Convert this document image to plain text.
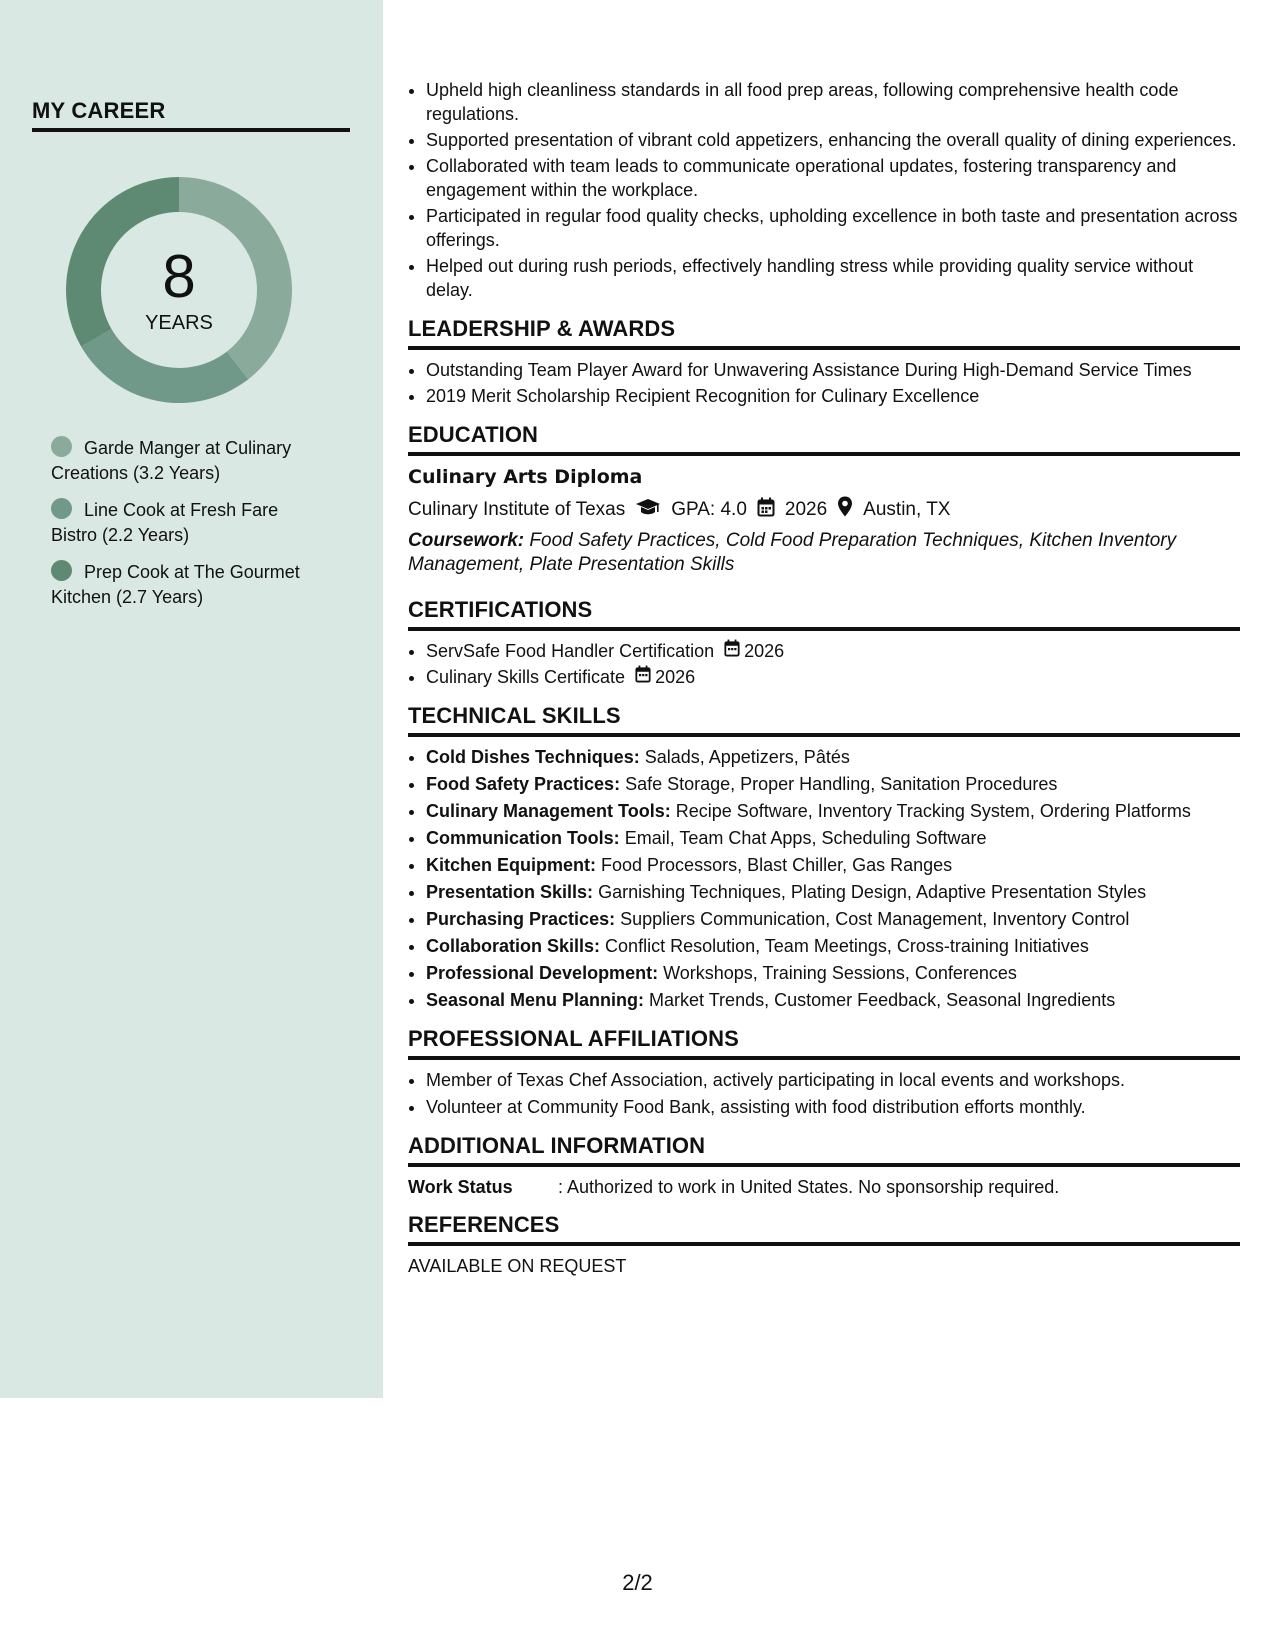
MY CAREER
8
YEARS
Garde Manger at Culinary Creations (3.2 Years)
Line Cook at Fresh Fare Bistro (2.2 Years)
Prep Cook at The Gourmet Kitchen (2.7 Years)
• Upheld high cleanliness standards in all food prep areas, following comprehensive health code regulations.
• Supported presentation of vibrant cold appetizers, enhancing the overall quality of dining experiences.
• Collaborated with team leads to communicate operational updates, fostering transparency and engagement within the workplace.
• Participated in regular food quality checks, upholding excellence in both taste and presentation across offerings.
• Helped out during rush periods, effectively handling stress while providing quality service without delay.
LEADERSHIP & AWARDS
• Outstanding Team Player Award for Unwavering Assistance During High-Demand Service Times
• 2019 Merit Scholarship Recipient Recognition for Culinary Excellence
EDUCATION
Culinary Arts Diploma
Culinary Institute of Texas GPA: 4.0 2026 Austin, TX
Coursework: Food Safety Practices, Cold Food Preparation Techniques, Kitchen Inventory Management, Plate Presentation Skills
CERTIFICATIONS
• ServSafe Food Handler Certification 2026
• Culinary Skills Certificate 2026
TECHNICAL SKILLS
• Cold Dishes Techniques: Salads, Appetizers, Pâtés
• Food Safety Practices: Safe Storage, Proper Handling, Sanitation Procedures
• Culinary Management Tools: Recipe Software, Inventory Tracking System, Ordering Platforms
• Communication Tools: Email, Team Chat Apps, Scheduling Software
• Kitchen Equipment: Food Processors, Blast Chiller, Gas Ranges
• Presentation Skills: Garnishing Techniques, Plating Design, Adaptive Presentation Styles
• Purchasing Practices: Suppliers Communication, Cost Management, Inventory Control
• Collaboration Skills: Conflict Resolution, Team Meetings, Cross-training Initiatives
• Professional Development: Workshops, Training Sessions, Conferences
• Seasonal Menu Planning: Market Trends, Customer Feedback, Seasonal Ingredients
PROFESSIONAL AFFILIATIONS
• Member of Texas Chef Association, actively participating in local events and workshops.
• Volunteer at Community Food Bank, assisting with food distribution efforts monthly.
ADDITIONAL INFORMATION
Work Status	: Authorized to work in United States. No sponsorship required.
REFERENCES
AVAILABLE ON REQUEST
2/2
